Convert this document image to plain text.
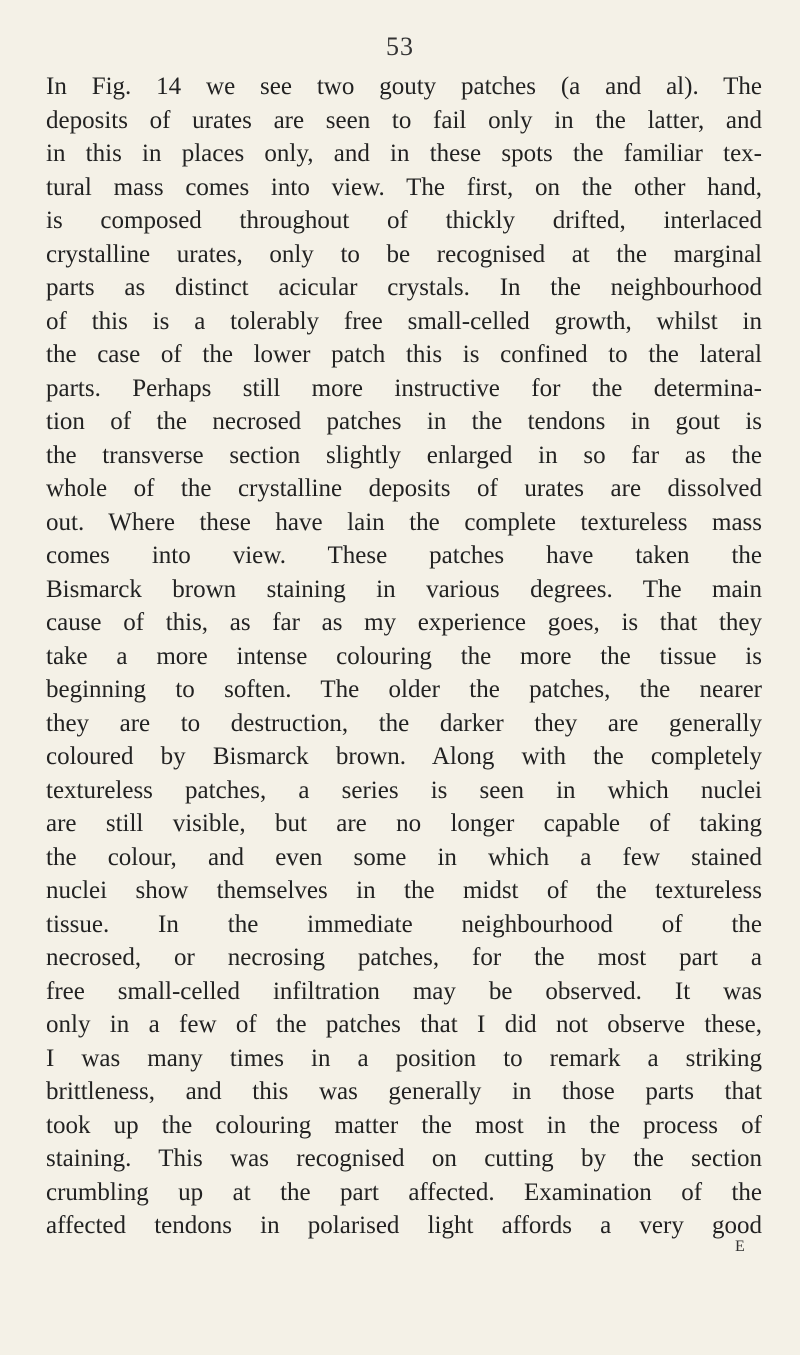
53
In Fig. 14 we see two gouty patches (a and al). The
deposits of urates are seen to fail only in the latter, and
in this in places only, and in these spots the familiar tex-
tural mass comes into view. The first, on the other hand,
is composed throughout of thickly drifted, interlaced
crystalline urates, only to be recognised at the marginal
parts as distinct acicular crystals. In the neighbourhood
of this is a tolerably free small-celled growth, whilst in
the case of the lower patch this is confined to the lateral
parts. Perhaps still more instructive for the determina-
tion of the necrosed patches in the tendons in gout is
the transverse section slightly enlarged in so far as the
whole of the crystalline deposits of urates are dissolved
out. Where these have lain the complete textureless mass
comes into view. These patches have taken the
Bismarck brown staining in various degrees. The main
cause of this, as far as my experience goes, is that they
take a more intense colouring the more the tissue is
beginning to soften. The older the patches, the nearer
they are to destruction, the darker they are generally
coloured by Bismarck brown. Along with the completely
textureless patches, a series is seen in which nuclei
are still visible, but are no longer capable of taking
the colour, and even some in which a few stained
nuclei show themselves in the midst of the textureless
tissue. In the immediate neighbourhood of the
necrosed, or necrosing patches, for the most part a
free small-celled infiltration may be observed. It was
only in a few of the patches that I did not observe these,
I was many times in a position to remark a striking
brittleness, and this was generally in those parts that
took up the colouring matter the most in the process of
staining. This was recognised on cutting by the section
crumbling up at the part affected. Examination of the
affected tendons in polarised light affords a very good
E
